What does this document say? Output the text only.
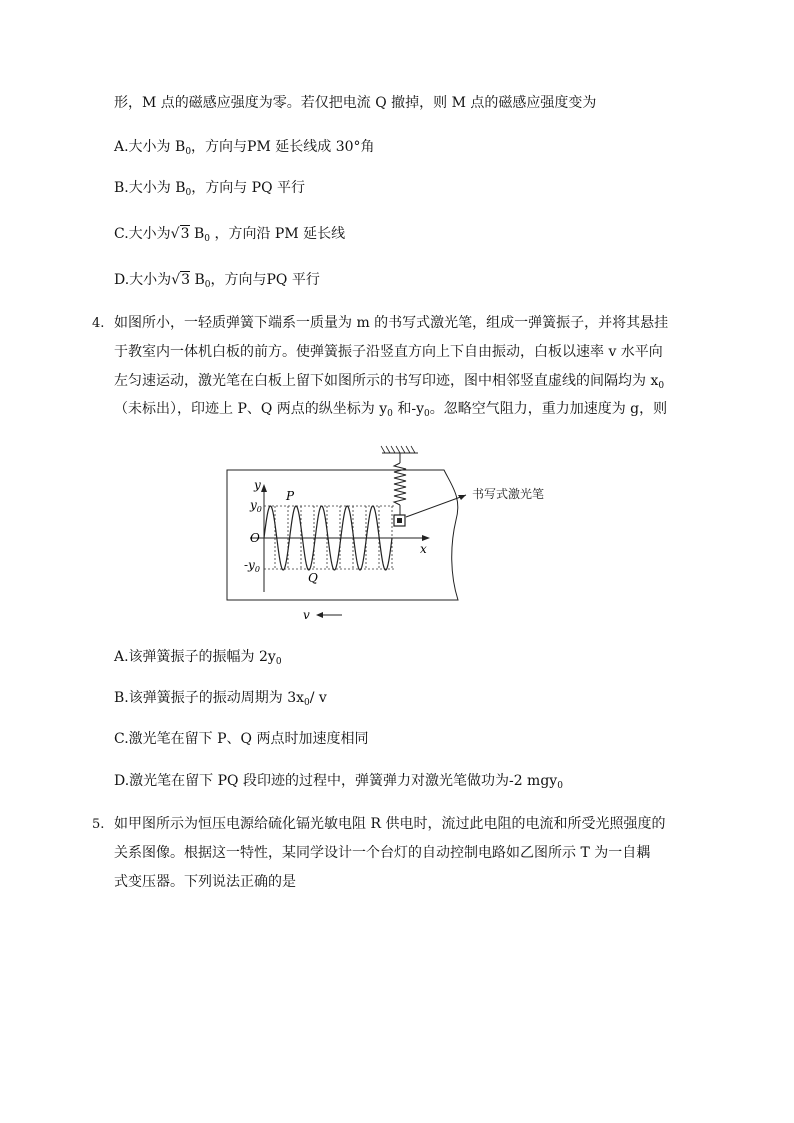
形，M 点的磁感应强度为零。若仅把电流 Q 撤掉，则 M 点的磁感应强度变为
A.大小为 $B_0$，方向与PM 延长线成 30°角
B.大小为 $B_0$，方向与 PQ 平行
C.大小为√3 $B_0$ ，方向沿 PM 延长线
D.大小为√3 $B_0$，方向与PQ 平行
4. 如图所小，一轻质弹簧下端系一质量为 m 的书写式激光笔，组成一弹簧振子，并将其悬挂
于教室内一体机白板的前方。使弹簧振子沿竖直方向上下自由振动，白板以速率 v 水平向
左匀速运动，激光笔在白板上留下如图所示的书写印迹，图中相邻竖直虚线的间隔均为 $x_0$
（未标出），印迹上 P、Q 两点的纵坐标为 $y_0$ 和$-y_0$。忽略空气阻力，重力加速度为 g，则
书写式激光笔
y
$y_0$
O
$-y_0$
x
P
Q
v
A.该弹簧振子的振幅为 $2y_0$
B.该弹簧振子的振动周期为 $3x_0/$ v
C.激光笔在留下 P、Q 两点时加速度相同
D.激光笔在留下 PQ 段印迹的过程中，弹簧弹力对激光笔做功为-2 mgy$_0$
5. 如甲图所示为恒压电源给硫化镉光敏电阻 R 供电时，流过此电阻的电流和所受光照强度的
关系图像。根据这一特性，某同学设计一个台灯的自动控制电路如乙图所示 T 为一自耦
式变压器。下列说法正确的是
